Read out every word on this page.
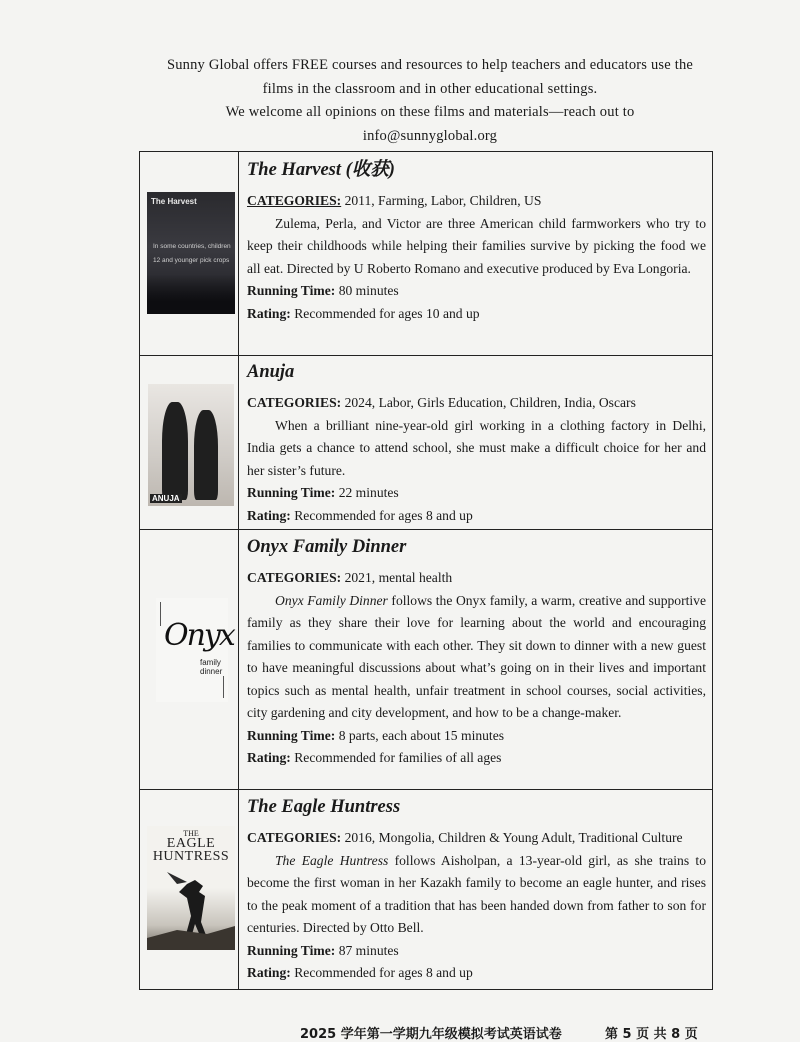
Sunny Global offers FREE courses and resources to help teachers and educators use the
films in the classroom and in other educational settings.
We welcome all opinions on these films and materials—reach out to
info@sunnyglobal.org
The Harvest
In some countries, children 12 and younger pick crops
The Harvest (收获)
CATEGORIES: 2011, Farming, Labor, Children, US
Zulema, Perla, and Victor are three American child farmworkers who try to keep their childhoods while helping their families survive by picking the food we all eat. Directed by U Roberto Romano and executive produced by Eva Longoria.
Running Time: 80 minutes
Rating: Recommended for ages 10 and up
ANUJA
Anuja
CATEGORIES: 2024, Labor, Girls Education, Children, India, Oscars
When a brilliant nine-year-old girl working in a clothing factory in Delhi, India gets a chance to attend school, she must make a difficult choice for her and her sister’s future.
Running Time: 22 minutes
Rating: Recommended for ages 8 and up
Onyx
family
dinner
Onyx Family Dinner
CATEGORIES: 2021, mental health
Onyx Family Dinner follows the Onyx family, a warm, creative and supportive family as they share their love for learning about the world and encouraging families to communicate with each other. They sit down to dinner with a new guest to have meaningful discussions about what’s going on in their lives and important topics such as mental health, unfair treatment in school courses, social activities, city gardening and city development, and how to be a change-maker.
Running Time: 8 parts, each about 15 minutes
Rating: Recommended for families of all ages
THE
EAGLE
HUNTRESS
The Eagle Huntress
CATEGORIES: 2016, Mongolia, Children & Young Adult, Traditional Culture
The Eagle Huntress follows Aisholpan, a 13-year-old girl, as she trains to become the first woman in her Kazakh family to become an eagle hunter, and rises to the peak moment of a tradition that has been handed down from father to son for centuries. Directed by Otto Bell.
Running Time: 87 minutes
Rating: Recommended for ages 8 and up
2025 学年第一学期九年级模拟考试英语试卷	第 5 页 共 8 页
